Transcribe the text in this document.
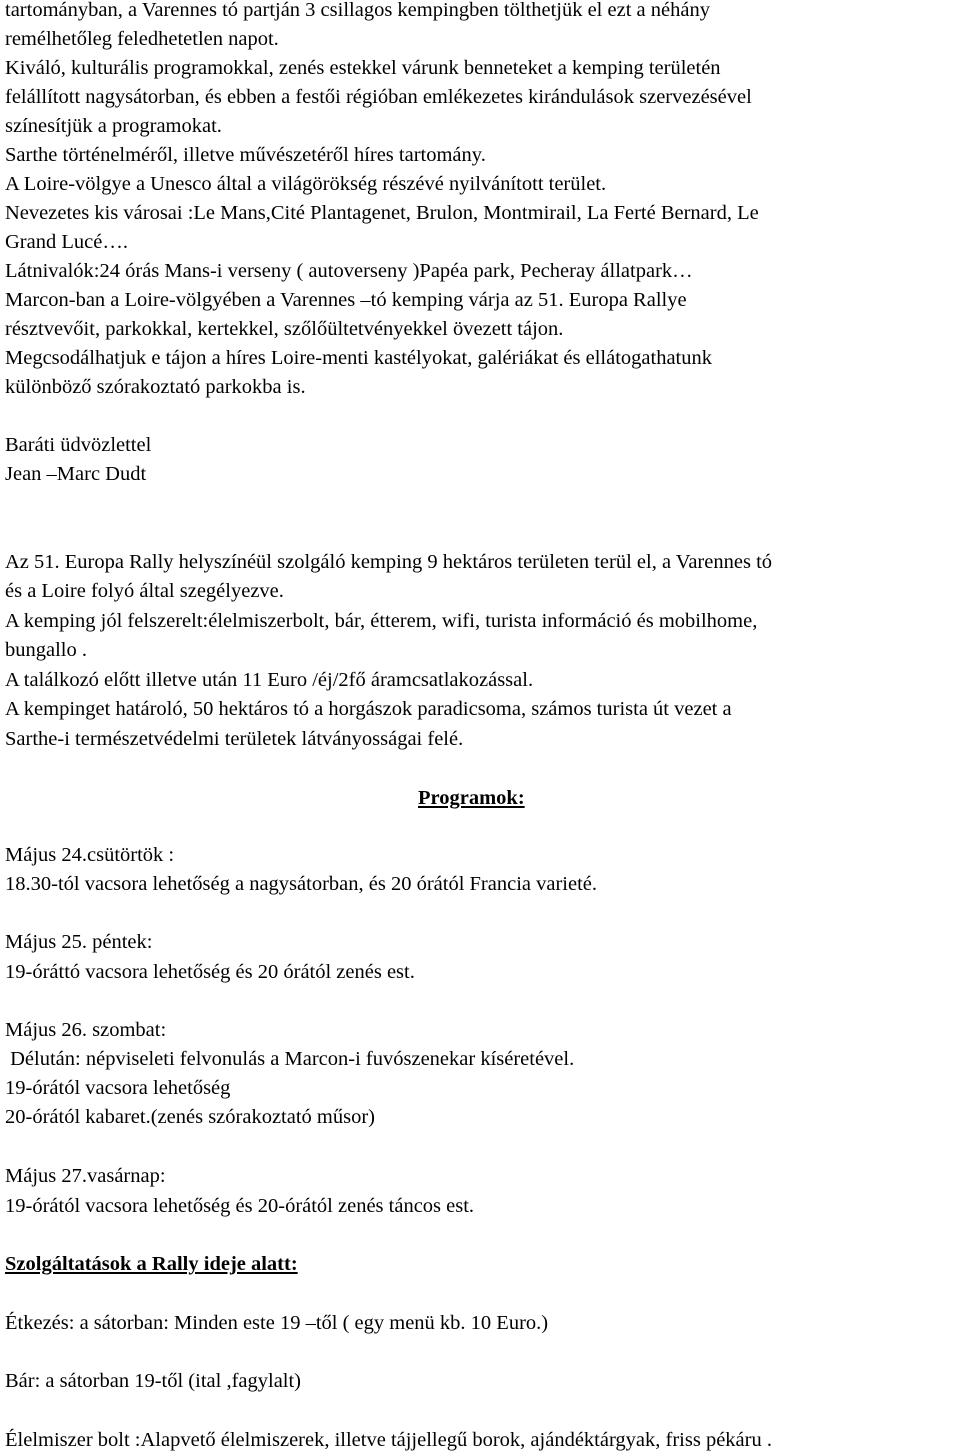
tartományban, a Varennes tó partján 3 csillagos kempingben tölthetjük el ezt a néhány
remélhetőleg feledhetetlen napot.
Kiváló, kulturális programokkal, zenés estekkel várunk benneteket a kemping területén
felállított nagysátorban, és ebben a festői régióban emlékezetes kirándulások szervezésével
színesítjük a programokat.
Sarthe történelméről, illetve művészetéről híres tartomány.
A Loire-völgye a Unesco által a világörökség részévé nyilvánított terület.
Nevezetes kis városai :Le Mans,Cité Plantagenet, Brulon, Montmirail, La Ferté Bernard, Le
Grand Lucé….
Látnivalók:24 órás Mans-i verseny ( autoverseny )Papéa park, Pecheray állatpark…
Marcon-ban a Loire-völgyében a Varennes –tó kemping várja az 51. Europa Rallye
résztvevőit, parkokkal, kertekkel, szőlőültetvényekkel övezett tájon.
Megcsodálhatjuk e tájon a híres Loire-menti kastélyokat, galériákat és ellátogathatunk
különböző szórakoztató parkokba is.
Baráti üdvözlettel
Jean –Marc Dudt
Az 51. Europa Rally helyszínéül szolgáló kemping 9 hektáros területen terül el, a Varennes tó
és a Loire folyó által szegélyezve.
A kemping jól felszerelt:élelmiszerbolt, bár, étterem, wifi, turista információ és mobilhome,
bungallo .
A találkozó előtt illetve után 11 Euro /éj/2fő áramcsatlakozással.
A kempinget határoló, 50 hektáros tó a horgászok paradicsoma, számos turista út vezet a
Sarthe-i természetvédelmi területek látványosságai felé.
Programok:
Május 24.csütörtök :
18.30-tól vacsora lehetőség a nagysátorban, és 20 órától Francia varieté.
Május 25. péntek:
19-óráttó vacsora lehetőség és 20 órától zenés est.
Május 26. szombat:
Délután: népviseleti felvonulás a Marcon-i fuvószenekar kíséretével.
19-órától vacsora lehetőség
20-órától kabaret.(zenés szórakoztató műsor)
Május 27.vasárnap:
19-órától vacsora lehetőség és 20-órától zenés táncos est.
Szolgáltatások a Rally ideje alatt:
Étkezés: a sátorban: Minden este 19 –től ( egy menü kb. 10 Euro.)
Bár: a sátorban 19-től (ital ,fagylalt)
Élelmiszer bolt :Alapvető élelmiszerek, illetve tájjellegű borok, ajándéktárgyak, friss pékáru .
